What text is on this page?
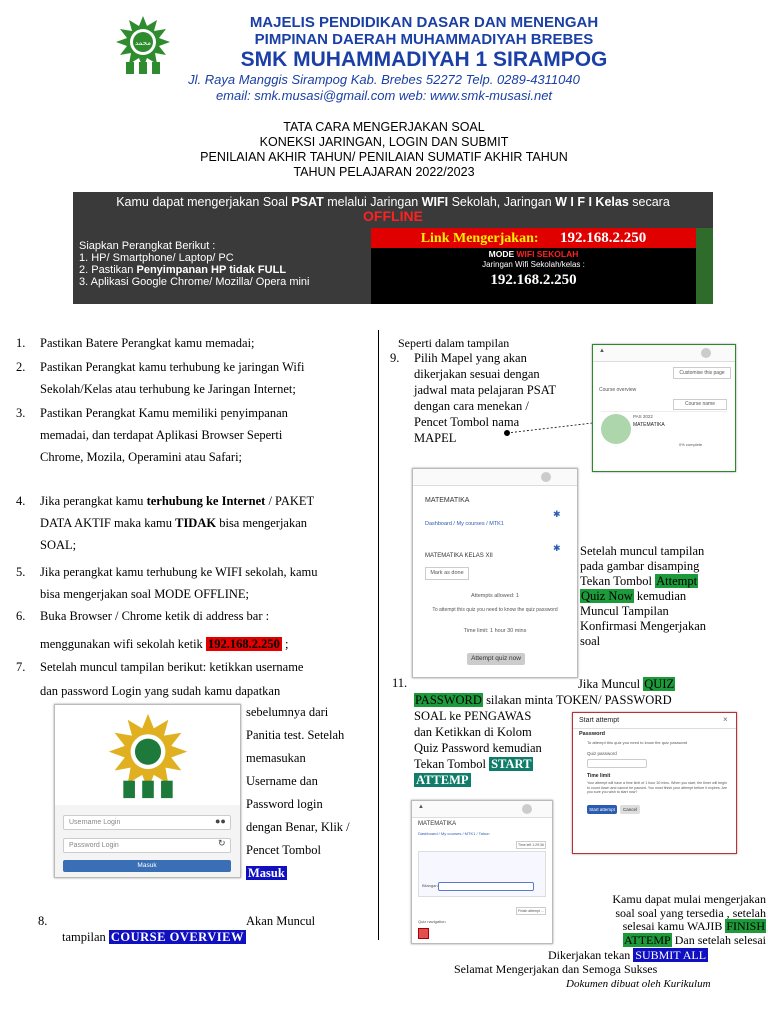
محمد
MAJELIS PENDIDIKAN DASAR DAN MENENGAH
PIMPINAN DAERAH MUHAMMADIYAH BREBES
SMK MUHAMMADIYAH 1 SIRAMPOG
Jl. Raya Manggis Sirampog Kab. Brebes 52272 Telp. 0289-4311040
email: smk.musasi@gmail.com web: www.smk-musasi.net
TATA CARA MENGERJAKAN SOAL
KONEKSI JARINGAN, LOGIN DAN SUBMIT
PENILAIAN AKHIR TAHUN/ PENILAIAN SUMATIF AKHIR TAHUN
TAHUN PELAJARAN 2022/2023
Kamu dapat mengerjakan Soal PSAT melalui Jaringan WIFI Sekolah, Jaringan W I F I Kelas secara
OFFLINE
Siapkan Perangkat Berikut :
1. HP/ Smartphone/ Laptop/ PC
2. Pastikan Penyimpanan HP tidak FULL
3. Aplikasi Google Chrome/ Mozilla/ Opera mini
Link Mengerjakan: 192.168.2.250
MODE WIFI SEKOLAH
Jaringan Wifi Sekolah/kelas :
192.168.2.250
1. Pastikan Batere Perangkat kamu memadai;
2. Pastikan Perangkat kamu terhubung ke jaringan Wifi
Sekolah/Kelas atau terhubung ke Jaringan Internet;
3. Pastikan Perangkat Kamu memiliki penyimpanan
memadai, dan terdapat Aplikasi Browser Seperti
Chrome, Mozila, Operamini atau Safari;
4. Jika perangkat kamu terhubung ke Internet / PAKET
DATA AKTIF maka kamu TIDAK bisa mengerjakan
SOAL;
5. Jika perangkat kamu terhubung ke WIFI sekolah, kamu
bisa mengerjakan soal MODE OFFLINE;
6. Buka Browser / Chrome ketik di address bar :
menggunakan wifi sekolah ketik 192.168.2.250 ;
7. Setelah muncul tampilan berikut: ketikkan username
dan password Login yang sudah kamu dapatkan
sebelumnya dari
Panitia test. Setelah
memasukan
Username dan
Password login
dengan Benar, Klik /
Pencet Tombol
Masuk
Username Login	●●
Password Login	↻
Masuk
8.	Akan Muncul
tampilan COURSE OVERVIEW
Seperti dalam tampilan
9. Pilih Mapel yang akan
dikerjakan sesuai dengan
jadwal mata pelajaran PSAT
dengan cara menekan /
Pencet Tombol nama
MAPEL
▲
Customise this page
Course overview
Course name
PAS 2022
MATEMATIKA
0% complete
MATEMATIKA
Dashboard / My courses / MTK1
✱
✱
MATEMATIKA KELAS XII
Mark as done
Attempts allowed: 1
To attempt this quiz you need to know the quiz password
Time limit: 1 hour 30 mins
Attempt quiz now
Setelah muncul tampilan
pada gambar disamping
Tekan Tombol Attempt
Quiz Now kemudian
Muncul Tampilan
Konfirmasi Mengerjakan
soal
11.	Jika Muncul QUIZ
PASSWORD silakan minta TOKEN/ PASSWORD
SOAL ke PENGAWAS
dan Ketikkan di Kolom
Quiz Password kemudian
Tekan Tombol START
ATTEMP
Start attempt	×
Password
To attempt this quiz you need to know the quiz password
Quiz password
Time limit
Your attempt will have a time limit of 1 hour 30 mins. When you start, the timer will begin to count down and cannot be paused. You must finish your attempt before it expires. Are you sure you wish to start now?
Start attempt	Cancel
▲
MATEMATIKA
Dashboard / My courses / MTK1 / Tahun
Time left 1:29:36
Bilangan
Finish attempt ...
Quiz navigation
Kamu dapat mulai mengerjakan
soal soal yang tersedia , setelah
selesai kamu WAJIB FINISH
ATTEMP Dan setelah selesai
Dikerjakan tekan SUBMIT ALL
Selamat Mengerjakan dan Semoga Sukses
Dokumen dibuat oleh Kurikulum
